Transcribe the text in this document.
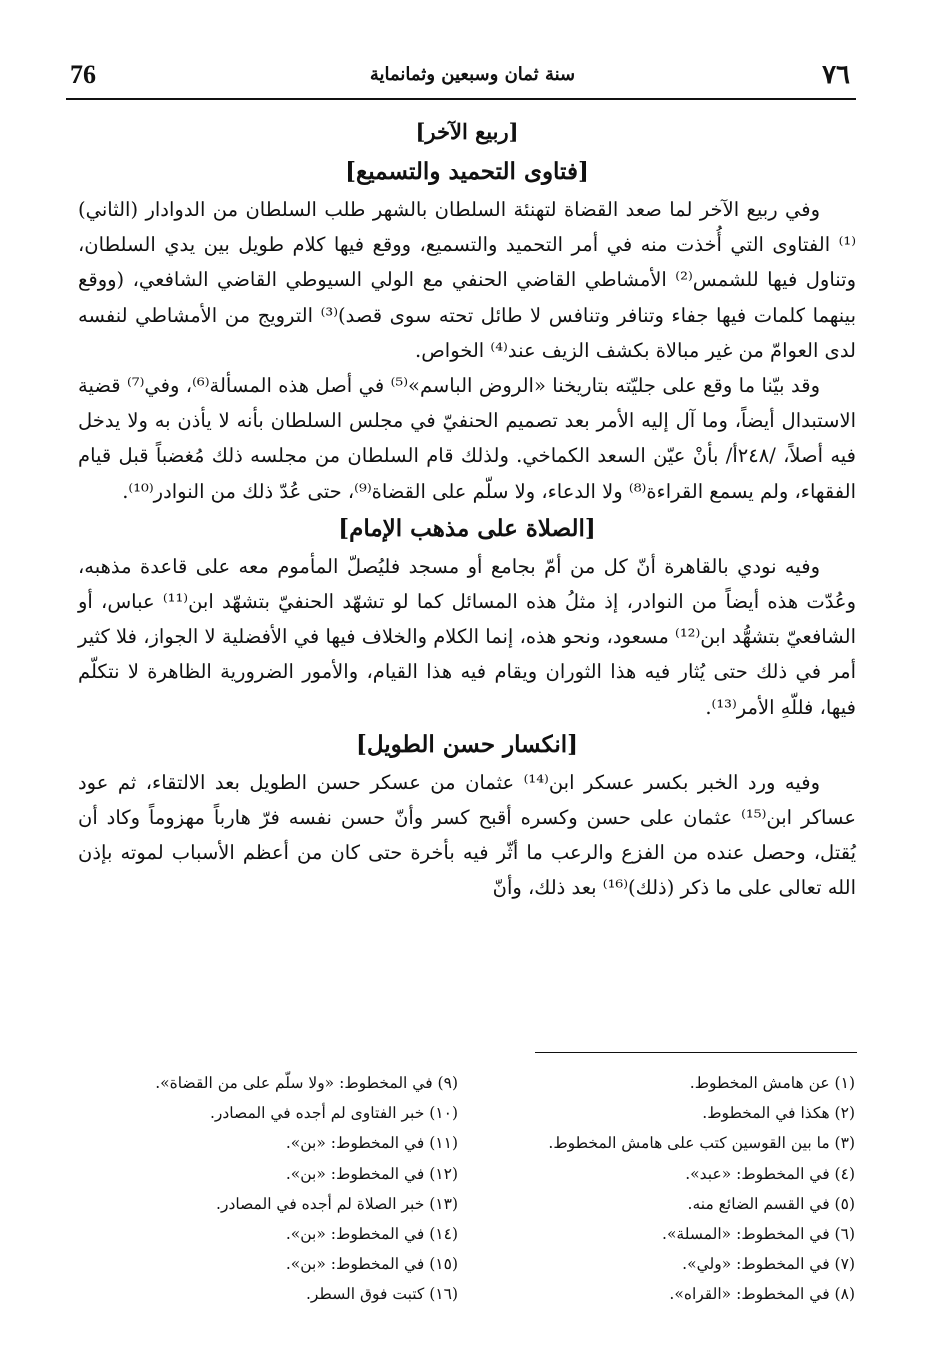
76	سنة ثمان وسبعين وثمانماية	٧٦
[ربيع الآخر]
[فتاوى التحميد والتسميع]

وفي ربيع الآخر لما صعد القضاة لتهنئة السلطان بالشهر طلب السلطان من الدوادار (الثاني)⁽¹⁾ الفتاوى التي أُخذت منه في أمر التحميد والتسميع، ووقع فيها كلام طويل بين يدي السلطان، وتناول فيها للشمس⁽²⁾ الأمشاطي القاضي الحنفي مع الولي السيوطي القاضي الشافعي، (ووقع بينهما كلمات فيها جفاء وتنافر وتنافس لا طائل تحته سوى قصد)⁽³⁾ الترويج من الأمشاطي لنفسه لدى العوامّ من غير مبالاة بكشف الزيف عند⁽⁴⁾ الخواص.

وقد بيّنا ما وقع على جليّته بتاريخنا «الروض الباسم»⁽⁵⁾ في أصل هذه المسألة⁽⁶⁾، وفي⁽⁷⁾ قضية الاستبدال أيضاً، وما آل إليه الأمر بعد تصميم الحنفيّ في مجلس السلطان بأنه لا يأذن به ولا يدخل فيه أصلاً، /٢٤٨أ/ بأنْ عيّن السعد الكماخي. ولذلك قام السلطان من مجلسه ذلك مُغضباً قبل قيام الفقهاء، ولم يسمع القراءة⁽⁸⁾ ولا الدعاء، ولا سلّم على القضاة⁽⁹⁾، حتى عُدّ ذلك من النوادر⁽¹⁰⁾.

[الصلاة على مذهب الإمام]

وفيه نودي بالقاهرة أنّ كل من أمّ بجامع أو مسجد فليُصلّ المأموم معه على قاعدة مذهبه، وعُدّت هذه أيضاً من النوادر، إذ مثلُ هذه المسائل كما لو تشهّد الحنفيّ بتشهّد ابن⁽¹¹⁾ عباس، أو الشافعيّ بتشهُّد ابن⁽¹²⁾ مسعود، ونحو هذه، إنما الكلام والخلاف فيها في الأفضلية لا الجواز، فلا كثير أمر في ذلك حتى يُثار فيه هذا الثوران ويقام فيه هذا القيام، والأمور الضرورية الظاهرة لا نتكلّم فيها، فللّهِ الأمر⁽¹³⁾.

[انكسار حسن الطويل]

وفيه ورد الخبر بكسر عسكر ابن⁽¹⁴⁾ عثمان من عسكر حسن الطويل بعد الالتقاء، ثم عود عساكر ابن⁽¹⁵⁾ عثمان على حسن وكسره أقبح كسر وأنّ حسن نفسه فرّ هارباً مهزوماً وكاد أن يُقتل، وحصل عنده من الفزع والرعب ما أثّر فيه بأخرة حتى كان من أعظم الأسباب لموته بإذن الله تعالى على ما ذكر (ذلك)⁽¹⁶⁾ بعد ذلك، وأنّ

(١) عن هامش المخطوط.
(٢) هكذا في المخطوط.
(٣) ما بين القوسين كتب على هامش المخطوط.
(٤) في المخطوط: «عبد».
(٥) في القسم الضائع منه.
(٦) في المخطوط: «المسلة».
(٧) في المخطوط: «ولي».
(٨) في المخطوط: «القراه».
(٩) في المخطوط: «ولا سلّم على من القضاة».
(١٠) خبر الفتاوى لم أجده في المصادر.
(١١) في المخطوط: «بن».
(١٢) في المخطوط: «بن».
(١٣) خبر الصلاة لم أجده في المصادر.
(١٤) في المخطوط: «بن».
(١٥) في المخطوط: «بن».
(١٦) كتبت فوق السطر.
